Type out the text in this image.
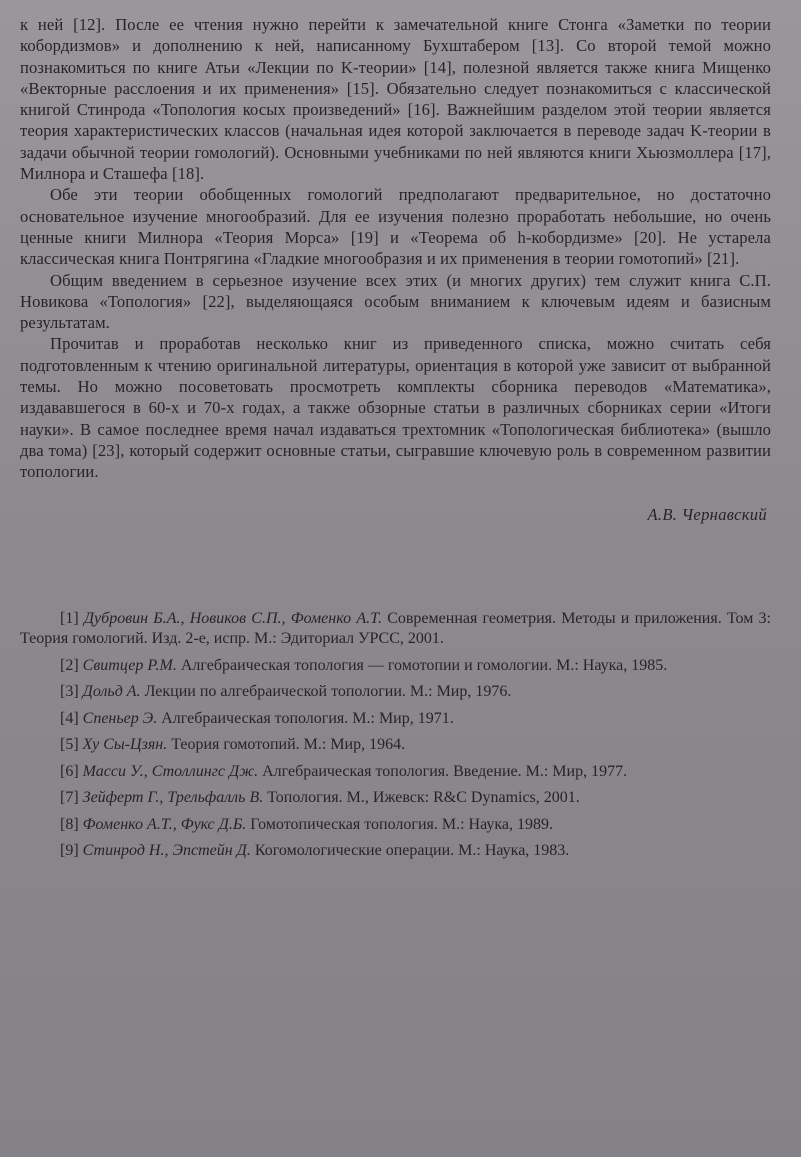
к ней [12]. После ее чтения нужно перейти к замечательной книге Стонга «Заметки по теории кобордизмов» и дополнению к ней, написанному Бухштабером [13]. Со второй темой можно познакомиться по книге Атьи «Лекции по K-теории» [14], полезной является также книга Мищенко «Векторные расслоения и их применения» [15]. Обязательно следует познакомиться с классической книгой Стинрода «Топология косых произведений» [16]. Важнейшим разделом этой теории является теория характеристических классов (начальная идея которой заключается в переводе задач K-теории в задачи обычной теории гомологий). Основными учебниками по ней являются книги Хьюзмоллера [17], Милнора и Сташефа [18].

Обе эти теории обобщенных гомологий предполагают предварительное, но достаточно основательное изучение многообразий. Для ее изучения полезно проработать небольшие, но очень ценные книги Милнора «Теория Морса» [19] и «Теорема об h-кобордизме» [20]. Не устарела классическая книга Понтрягина «Гладкие многообразия и их применения в теории гомотопий» [21].

Общим введением в серьезное изучение всех этих (и многих других) тем служит книга С.П. Новикова «Топология» [22], выделяющаяся особым вниманием к ключевым идеям и базисным результатам.

Прочитав и проработав несколько книг из приведенного списка, можно считать себя подготовленным к чтению оригинальной литературы, ориентация в которой уже зависит от выбранной темы. Но можно посоветовать просмотреть комплекты сборника переводов «Математика», издававшегося в 60-х и 70-х годах, а также обзорные статьи в различных сборниках серии «Итоги науки». В самое последнее время начал издаваться трехтомник «Топологическая библиотека» (вышло два тома) [23], который содержит основные статьи, сыгравшие ключевую роль в современном развитии топологии.

А.В. Чернавский
[1] Дубровин Б.А., Новиков С.П., Фоменко А.Т. Современная геометрия. Методы и приложения. Том 3: Теория гомологий. Изд. 2-е, испр. М.: Эдиториал УРСС, 2001.
[2] Свитцер Р.М. Алгебраическая топология — гомотопии и гомологии. М.: Наука, 1985.
[3] Дольд А. Лекции по алгебраической топологии. М.: Мир, 1976.
[4] Спеньер Э. Алгебраическая топология. М.: Мир, 1971.
[5] Ху Сы-Цзян. Теория гомотопий. М.: Мир, 1964.
[6] Масси У., Столлингс Дж. Алгебраическая топология. Введение. М.: Мир, 1977.
[7] Зейферт Г., Трельфалль В. Топология. М., Ижевск: R&C Dynamics, 2001.
[8] Фоменко А.Т., Фукс Д.Б. Гомотопическая топология. М.: Наука, 1989.
[9] Стинрод Н., Эпстейн Д. Когомологические операции. М.: Наука, 1983.
